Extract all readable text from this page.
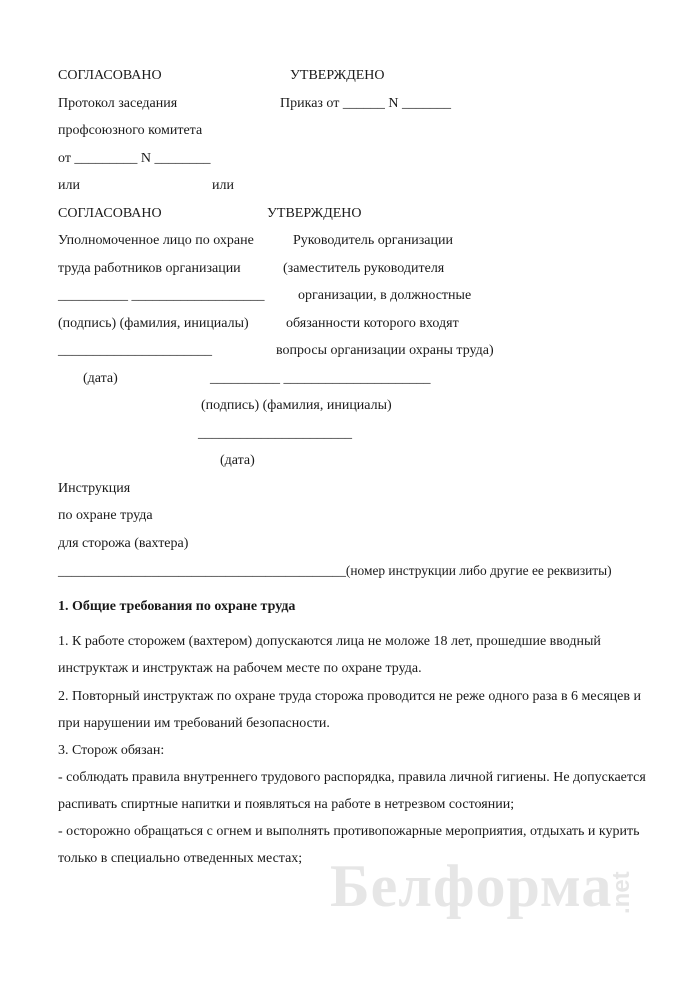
СОГЛАСОВАНО	УТВЕРЖДЕНО
Протокол заседания	Приказ от ______ N _______
профсоюзного комитета
от _________ N ________
или	или
СОГЛАСОВАНО	УТВЕРЖДЕНО
Уполномоченное лицо по охране	Руководитель организации
труда работников организации	(заместитель руководителя
__________ ___________________ организации, в должностные
(подпись) (фамилия, инициалы)	обязанности которого входят
______________________	вопросы организации охраны труда)
(дата)	__________ _____________________
(подпись) (фамилия, инициалы)
______________________
(дата)
Инструкция
по охране труда
для сторожа (вахтера)
___________________________________________(номер инструкции либо другие ее реквизиты)
1. Общие требования по охране труда
1. К работе сторожем (вахтером) допускаются лица не моложе 18 лет, прошедшие вводный инструктаж и инструктаж на рабочем месте по охране труда.
2. Повторный инструктаж по охране труда сторожа проводится не реже одного раза в 6 месяцев и при нарушении им требований безопасности.
3. Сторож обязан:
- соблюдать правила внутреннего трудового распорядка, правила личной гигиены. Не допускается распивать спиртные напитки и появляться на работе в нетрезвом состоянии;
- осторожно обращаться с огнем и выполнять противопожарные мероприятия, отдыхать и курить только в специально отведенных местах; Белформа
.net
